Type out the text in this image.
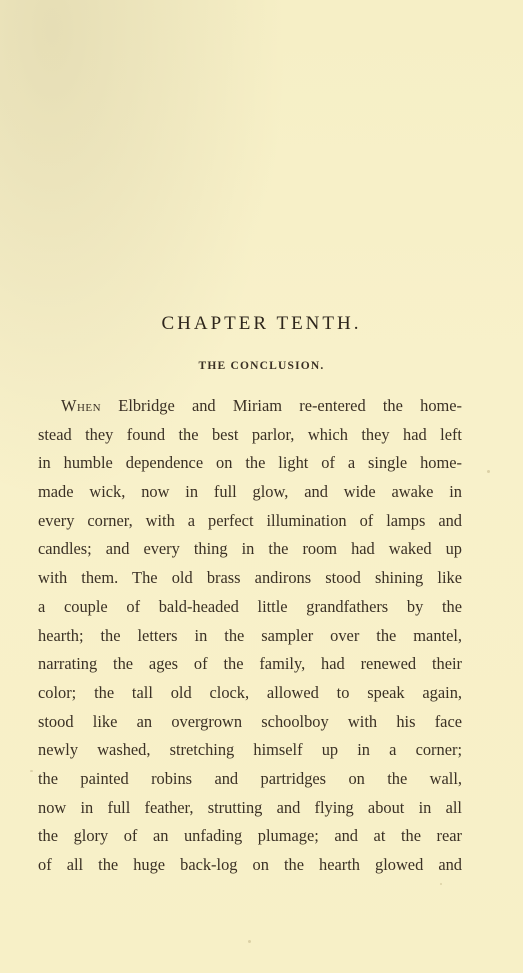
CHAPTER TENTH.
THE CONCLUSION.
When Elbridge and Miriam re-entered the home-
stead they found the best parlor, which they had left
in humble dependence on the light of a single home-
made wick, now in full glow, and wide awake in
every corner, with a perfect illumination of lamps and
candles; and every thing in the room had waked up
with them. The old brass andirons stood shining like
a couple of bald-headed little grandfathers by the
hearth; the letters in the sampler over the mantel,
narrating the ages of the family, had renewed their
color; the tall old clock, allowed to speak again,
stood like an overgrown schoolboy with his face
newly washed, stretching himself up in a corner;
the painted robins and partridges on the wall,
now in full feather, strutting and flying about in all
the glory of an unfading plumage; and at the rear
of all the huge back-log on the hearth glowed and
